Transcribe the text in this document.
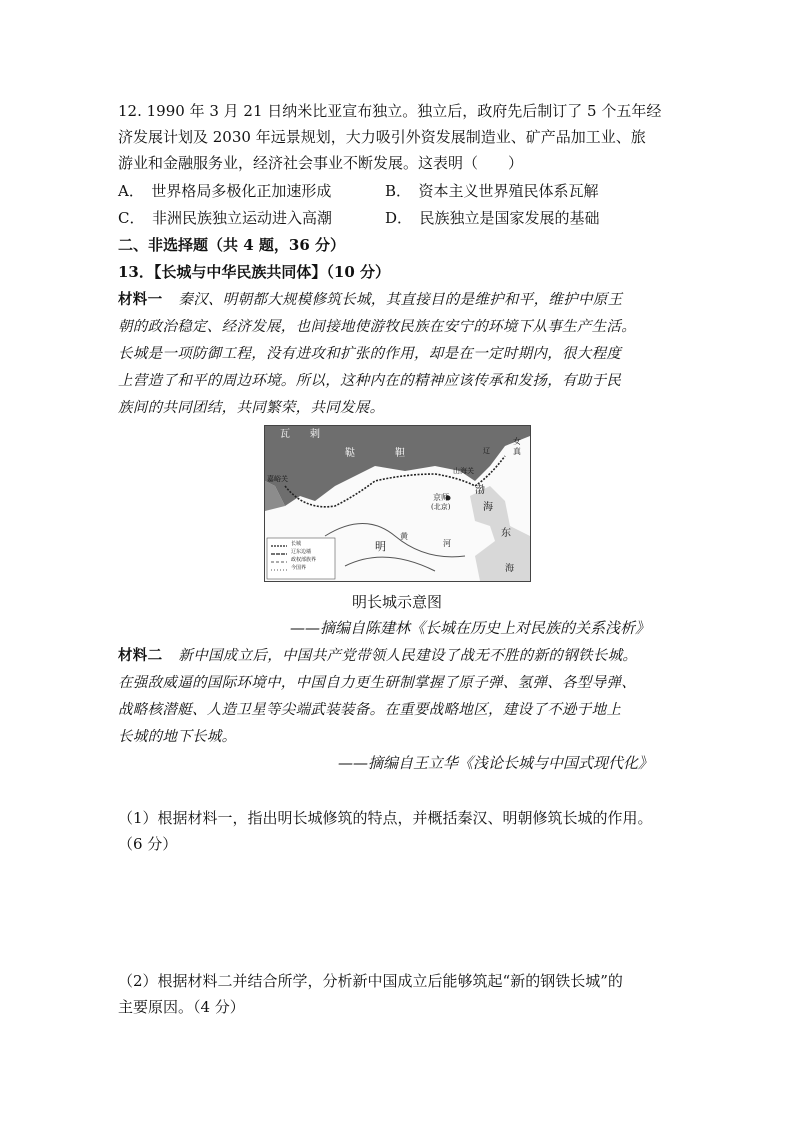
12. 1990 年 3 月 21 日纳米比亚宣布独立。独立后，政府先后制订了 5 个五年经
济发展计划及 2030 年远景规划，大力吸引外资发展制造业、矿产品加工业、旅
游业和金融服务业，经济社会事业不断发展。这表明（　　）
A．　世界格局多极化正加速形成	B．　资本主义世界殖民体系瓦解
C．　非洲民族独立运动进入高潮	D．　民族独立是国家发展的基础
二、非选择题（共 4 题，36 分）
13．【长城与中华民族共同体】（10 分）
材料一 秦汉、明朝都大规模修筑长城，其直接目的是维护和平，维护中原王
朝的政治稳定、经济发展，也间接地使游牧民族在安宁的环境下从事生产生活。
长城是一项防御工程，没有进攻和扩张的作用，却是在一定时期内，很大程度
上营造了和平的周边环境。所以，这种内在的精神应该传承和发扬，有助于民
族间的共同团结，共同繁荣，共同发展。
瓦 剌
鞑	靼
女
真
嘉峪关
山海关
辽
京师
(北京)
渤
海
明
黄
河
东
海
长城
辽东边墙
政权部族界
今国界
明长城示意图
——摘编自陈建林《长城在历史上对民族的关系浅析》
材料二 新中国成立后，中国共产党带领人民建设了战无不胜的新的钢铁长城。
在强敌威逼的国际环境中，中国自力更生研制掌握了原子弹、氢弹、各型导弹、
战略核潜艇、人造卫星等尖端武装装备。在重要战略地区，建设了不逊于地上
长城的地下长城。
——摘编自王立华《浅论长城与中国式现代化》
（1）根据材料一，指出明长城修筑的特点，并概括秦汉、明朝修筑长城的作用。
（6 分）
（2）根据材料二并结合所学，分析新中国成立后能够筑起“新的钢铁长城”的
主要原因。（4 分）
